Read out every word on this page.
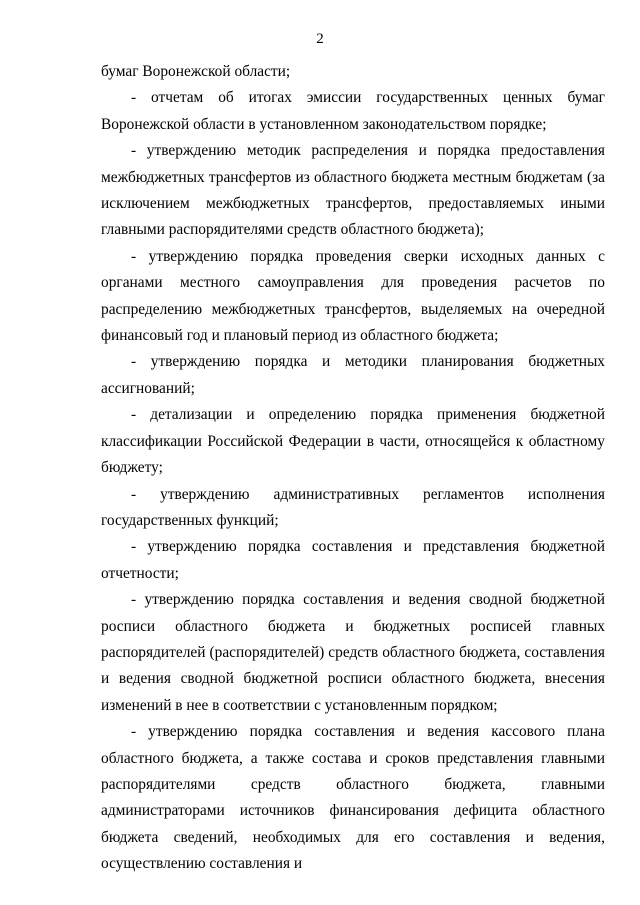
2

бумаг Воронежской области;

- отчетам об итогах эмиссии государственных ценных бумаг Воронежской области в установленном законодательством порядке;

- утверждению методик распределения и порядка предоставления межбюджетных трансфертов из областного бюджета местным бюджетам (за исключением межбюджетных трансфертов, предоставляемых иными главными распорядителями средств областного бюджета);

- утверждению порядка проведения сверки исходных данных с органами местного самоуправления для проведения расчетов по распределению межбюджетных трансфертов, выделяемых на очередной финансовый год и плановый период из областного бюджета;

- утверждению порядка и методики планирования бюджетных ассигнований;

- детализации и определению порядка применения бюджетной классификации Российской Федерации в части, относящейся к областному бюджету;

- утверждению административных регламентов исполнения государственных функций;

- утверждению порядка составления и представления бюджетной отчетности;

- утверждению порядка составления и ведения сводной бюджетной росписи областного бюджета и бюджетных росписей главных распорядителей (распорядителей) средств областного бюджета, составления и ведения сводной бюджетной росписи областного бюджета, внесения изменений в нее в соответствии с установленным порядком;

- утверждению порядка составления и ведения кассового плана областного бюджета, а также состава и сроков представления главными распорядителями средств областного бюджета, главными администраторами источников финансирования дефицита областного бюджета сведений, необходимых для его составления и ведения, осуществлению составления и
